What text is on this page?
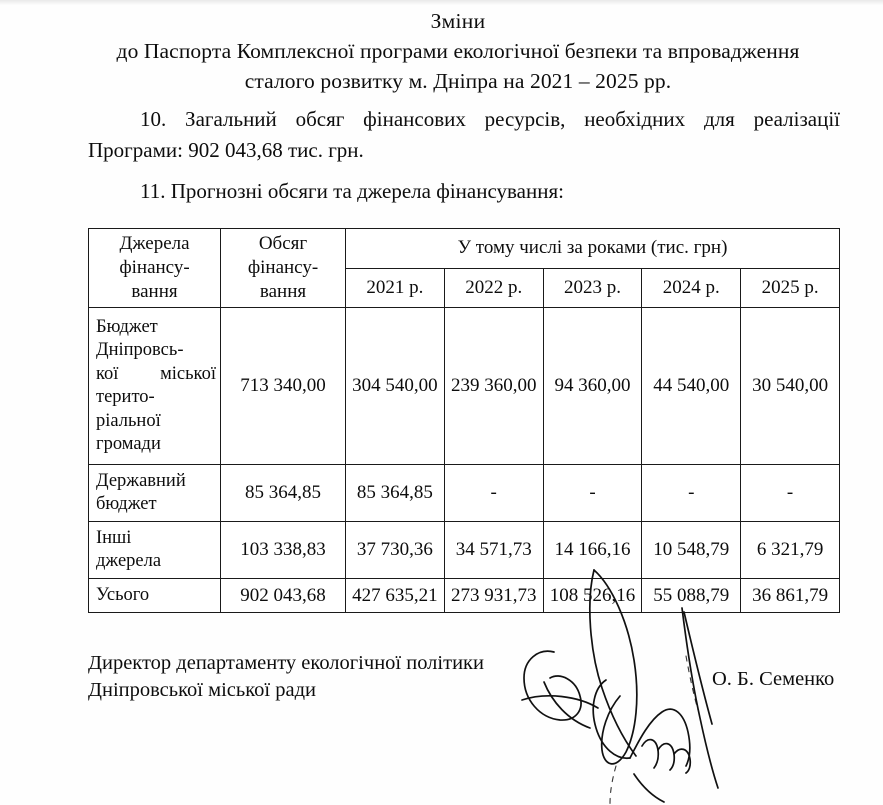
Зміни
до Паспорта Комплексної програми екологічної безпеки та впровадження
сталого розвитку м. Дніпра на 2021 – 2025 рр.
10. Загальний обсяг фінансових ресурсів, необхідних для реалізації
Програми: 902 043,68 тис. грн.
11. Прогнозні обсяги та джерела фінансування:
Джерела
фінансу-
вання	Обсяг
фінансу-
вання	У тому числі за роками (тис. грн)				
		2021 р.	2022 р.	2023 р.	2024 р.	2025 р.
Бюджет
Дніпровсь-

кої міської
терито-
ріальної
громади	713 340,00	304 540,00	239 360,00	94 360,00	44 540,00	30 540,00
Державний
бюджет	85 364,85	85 364,85	-	-	-	-
Інші
джерела	103 338,83	37 730,36	34 571,73	14 166,16	10 548,79	6 321,79
Усього	902 043,68	427 635,21	273 931,73	108 526,16	55 088,79	36 861,79
Директор департаменту екологічної політики
Дніпровської міської ради	О. Б. Семенко
